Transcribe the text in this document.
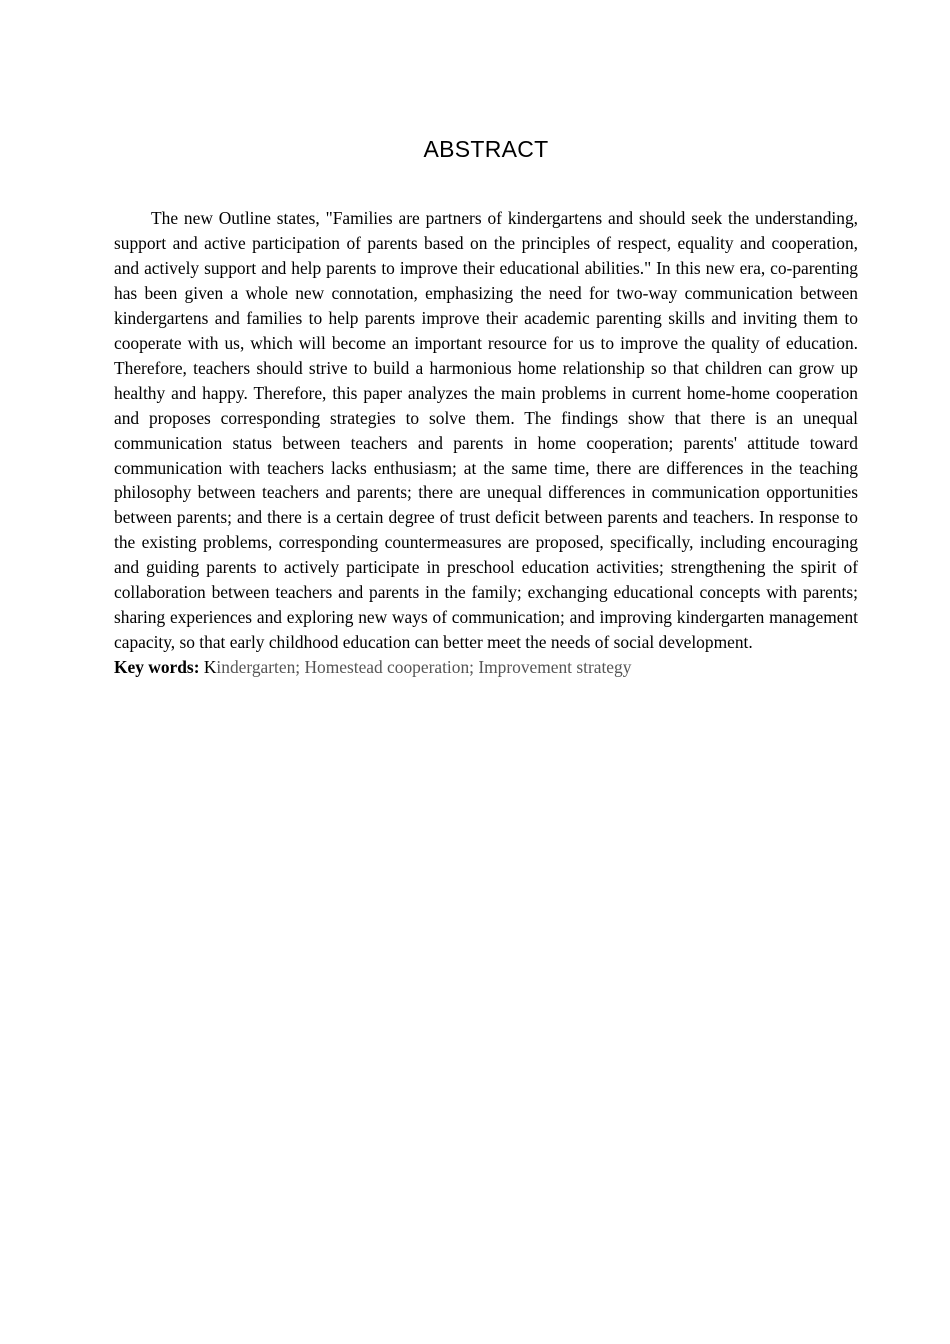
ABSTRACT

The new Outline states, "Families are partners of kindergartens and should seek the understanding, support and active participation of parents based on the principles of respect, equality and cooperation, and actively support and help parents to improve their educational abilities." In this new era, co-parenting has been given a whole new connotation, emphasizing the need for two-way communication between kindergartens and families to help parents improve their academic parenting skills and inviting them to cooperate with us, which will become an important resource for us to improve the quality of education. Therefore, teachers should strive to build a harmonious home relationship so that children can grow up healthy and happy. Therefore, this paper analyzes the main problems in current home-home cooperation and proposes corresponding strategies to solve them. The findings show that there is an unequal communication status between teachers and parents in home cooperation; parents' attitude toward communication with teachers lacks enthusiasm; at the same time, there are differences in the teaching philosophy between teachers and parents; there are unequal differences in communication opportunities between parents; and there is a certain degree of trust deficit between parents and teachers. In response to the existing problems, corresponding countermeasures are proposed, specifically, including encouraging and guiding parents to actively participate in preschool education activities; strengthening the spirit of collaboration between teachers and parents in the family; exchanging educational concepts with parents; sharing experiences and exploring new ways of communication; and improving kindergarten management capacity, so that early childhood education can better meet the needs of social development.

Key words: Kindergarten; Homestead cooperation; Improvement strategy
